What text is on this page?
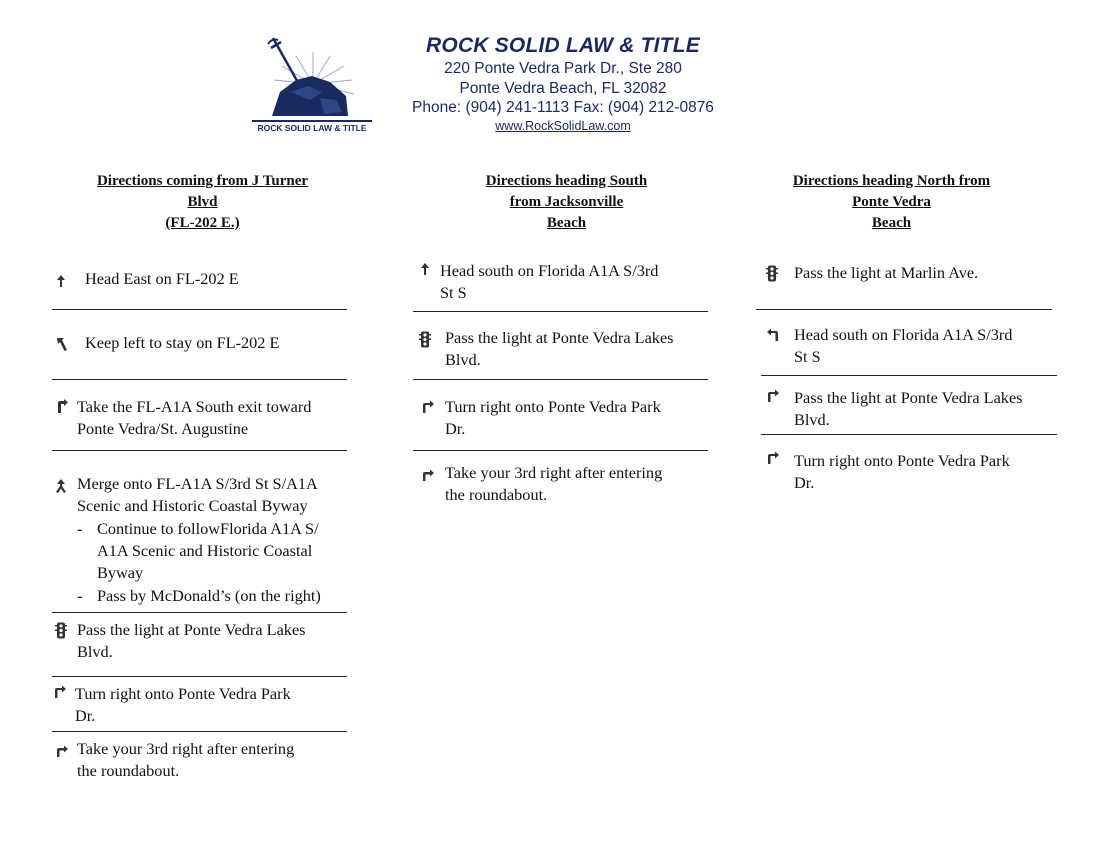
ROCK SOLID LAW & TITLE
ROCK SOLID LAW & TITLE
220 Ponte Vedra Park Dr., Ste 280
Ponte Vedra Beach, FL 32082
Phone: (904) 241-1113 Fax: (904) 212-0876
www.RockSolidLaw.com
Directions coming from J Turner
Blvd
(FL-202 E.)
Directions heading South
from Jacksonville
Beach
Directions heading North from
Ponte Vedra
Beach
Head East on FL-202 E
Keep left to stay on FL-202 E
Take the FL-A1A South exit toward
Ponte Vedra/St. Augustine
Merge onto FL-A1A S/3rd St S/A1A
Scenic and Historic Coastal Byway
- Continue to followFlorida A1A S/
A1A Scenic and Historic Coastal
Byway
- Pass by McDonald’s (on the right)
Pass the light at Ponte Vedra Lakes
Blvd.
Turn right onto Ponte Vedra Park
Dr.
Take your 3rd right after entering
the roundabout.
Head south on Florida A1A S/3rd
St S
Pass the light at Ponte Vedra Lakes
Blvd.
Turn right onto Ponte Vedra Park
Dr.
Take your 3rd right after entering
the roundabout.
Pass the light at Marlin Ave.
Head south on Florida A1A S/3rd
St S
Pass the light at Ponte Vedra Lakes
Blvd.
Turn right onto Ponte Vedra Park
Dr.
